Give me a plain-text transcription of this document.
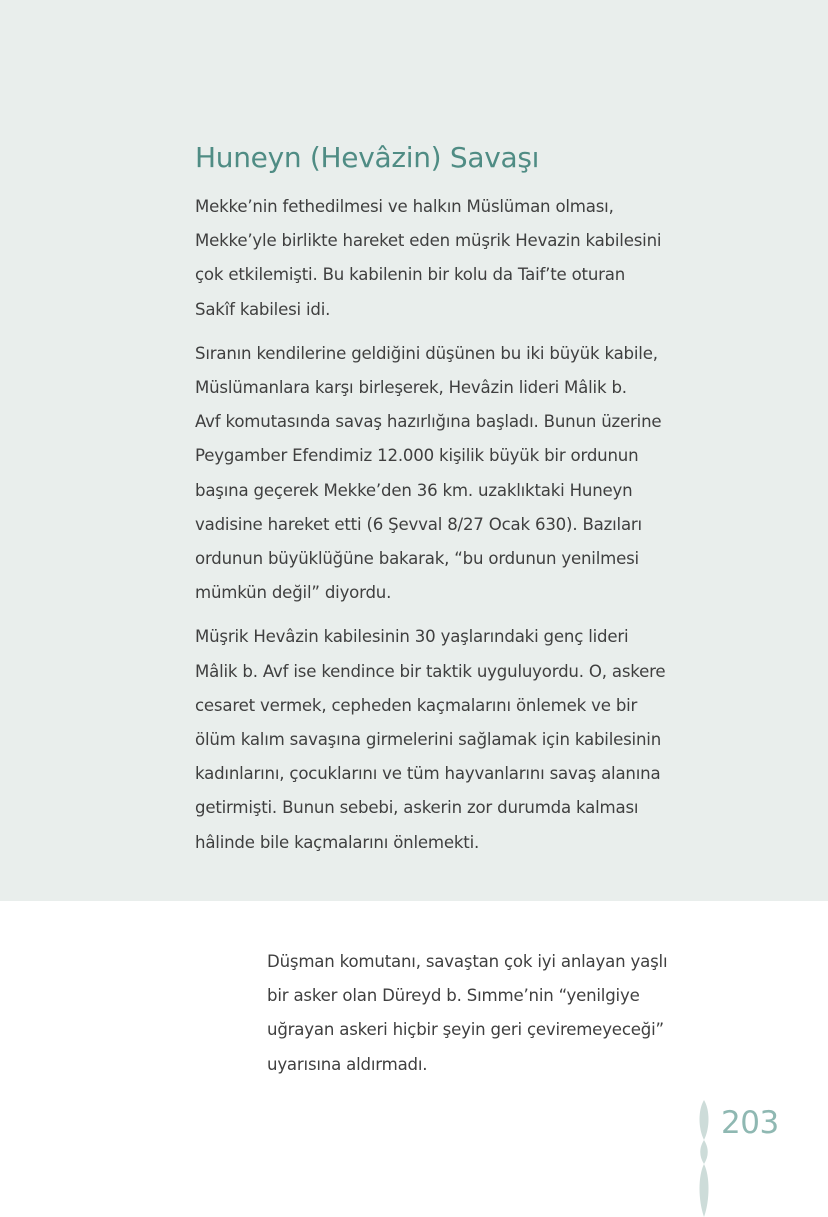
Huneyn (Hevâzin) Savaşı

Mekke’nin fethedilmesi ve halkın Müslüman olması,
Mekke’yle birlikte hareket eden müşrik Hevazin kabilesini
çok etkilemişti. Bu kabilenin bir kolu da Taif’te oturan
Sakîf kabilesi idi.

Sıranın kendilerine geldiğini düşünen bu iki büyük kabile,
Müslümanlara karşı birleşerek, Hevâzin lideri Mâlik b.
Avf komutasında savaş hazırlığına başladı. Bunun üzerine
Peygamber Efendimiz 12.000 kişilik büyük bir ordunun
başına geçerek Mekke’den 36 km. uzaklıktaki Huneyn
vadisine hareket etti (6 Şevval 8/27 Ocak 630). Bazıları
ordunun büyüklüğüne bakarak, “bu ordunun yenilmesi
mümkün değil” diyordu.

Müşrik Hevâzin kabilesinin 30 yaşlarındaki genç lideri
Mâlik b. Avf ise kendince bir taktik uyguluyordu. O, askere
cesaret vermek, cepheden kaçmalarını önlemek ve bir
ölüm kalım savaşına girmelerini sağlamak için kabilesinin
kadınlarını, çocuklarını ve tüm hayvanlarını savaş alanına
getirmişti. Bunun sebebi, askerin zor durumda kalması
hâlinde bile kaçmalarını önlemekti.

Düşman komutanı, savaştan çok iyi anlayan yaşlı
bir asker olan Düreyd b. Sımme’nin “yenilgiye
uğrayan askeri hiçbir şeyin geri çeviremeyeceği”
uyarısına aldırmadı.

203
